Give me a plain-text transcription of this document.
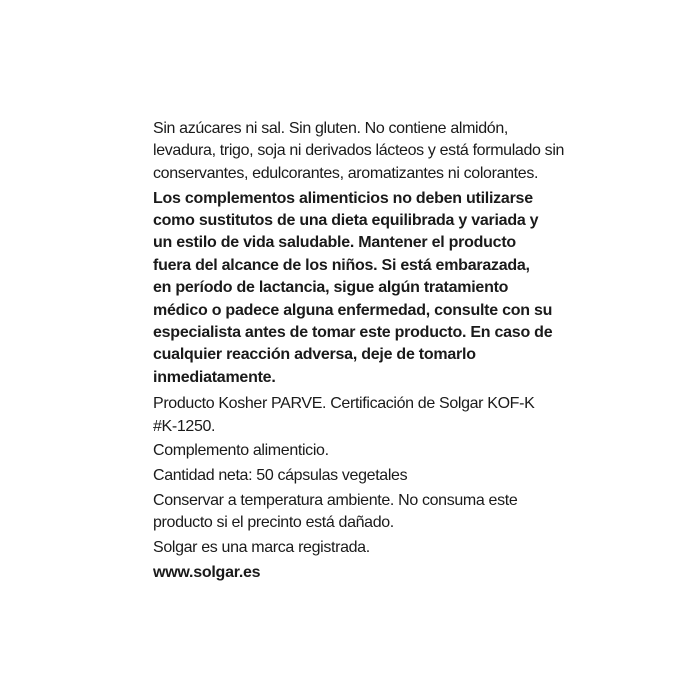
Sin azúcares ni sal. Sin gluten. No contiene almidón,
levadura, trigo, soja ni derivados lácteos y está formulado sin
conservantes, edulcorantes, aromatizantes ni colorantes.
Los complementos alimenticios no deben utilizarse
como sustitutos de una dieta equilibrada y variada y
un estilo de vida saludable. Mantener el producto
fuera del alcance de los niños. Si está embarazada,
en período de lactancia, sigue algún tratamiento
médico o padece alguna enfermedad, consulte con su
especialista antes de tomar este producto. En caso de
cualquier reacción adversa, deje de tomarlo
inmediatamente.
Producto Kosher PARVE. Certificación de Solgar KOF-K
#K-1250.
Complemento alimenticio.
Cantidad neta: 50 cápsulas vegetales
Conservar a temperatura ambiente. No consuma este
producto si el precinto está dañado.
Solgar es una marca registrada.
www.solgar.es
